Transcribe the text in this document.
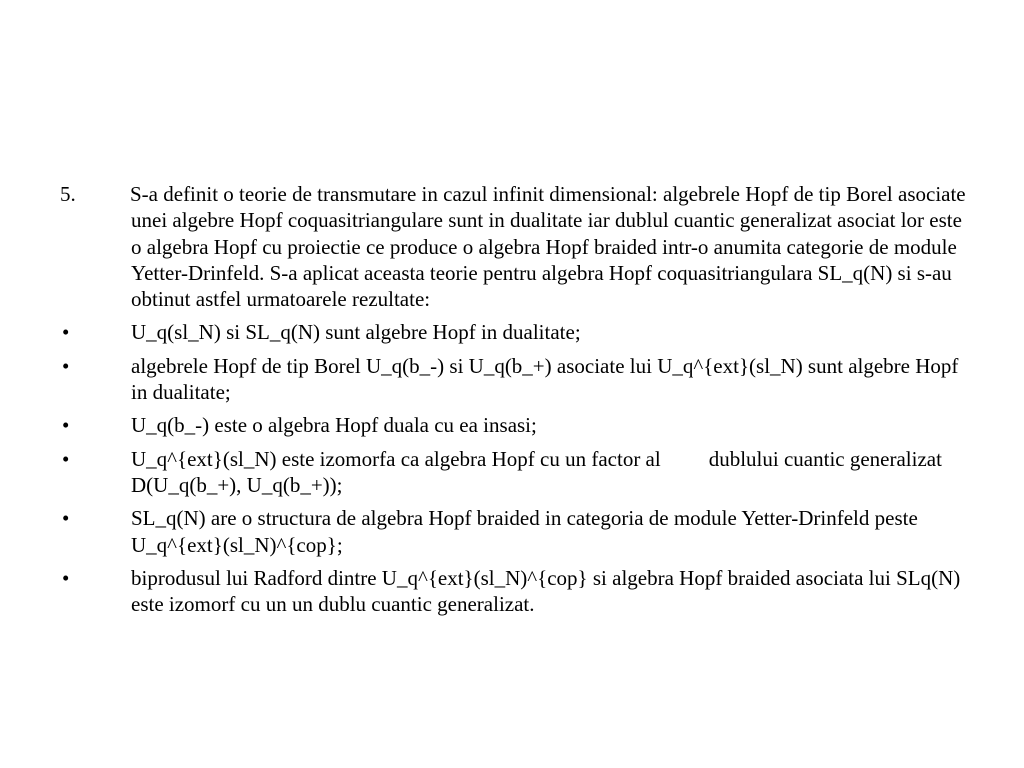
5.	S-a definit o teorie de transmutare in cazul infinit dimensional: algebrele Hopf de tip Borel asociate unei algebre Hopf coquasitriangulare sunt in dualitate iar dublul cuantic generalizat asociat lor este o algebra Hopf cu proiectie ce produce o algebra Hopf braided intr-o anumita categorie de module Yetter-Drinfeld. S-a aplicat aceasta teorie pentru algebra Hopf coquasitriangulara SL_q(N) si s-au obtinut astfel urmatoarele rezultate:
•	U_q(sl_N) si SL_q(N) sunt algebre Hopf in dualitate;
•	algebrele Hopf de tip Borel U_q(b_-) si U_q(b_+) asociate lui U_q^{ext}(sl_N) sunt algebre Hopf in dualitate;
•	U_q(b_-) este o algebra Hopf duala cu ea insasi;
•	U_q^{ext}(sl_N) este izomorfa ca algebra Hopf cu un factor al dublului cuantic generalizat D(U_q(b_+), U_q(b_+));
•	SL_q(N) are o structura de algebra Hopf braided in categoria de module Yetter-Drinfeld peste U_q^{ext}(sl_N)^{cop};
•	biprodusul lui Radford dintre U_q^{ext}(sl_N)^{cop} si algebra Hopf braided asociata lui SLq(N) este izomorf cu un un dublu cuantic generalizat.
